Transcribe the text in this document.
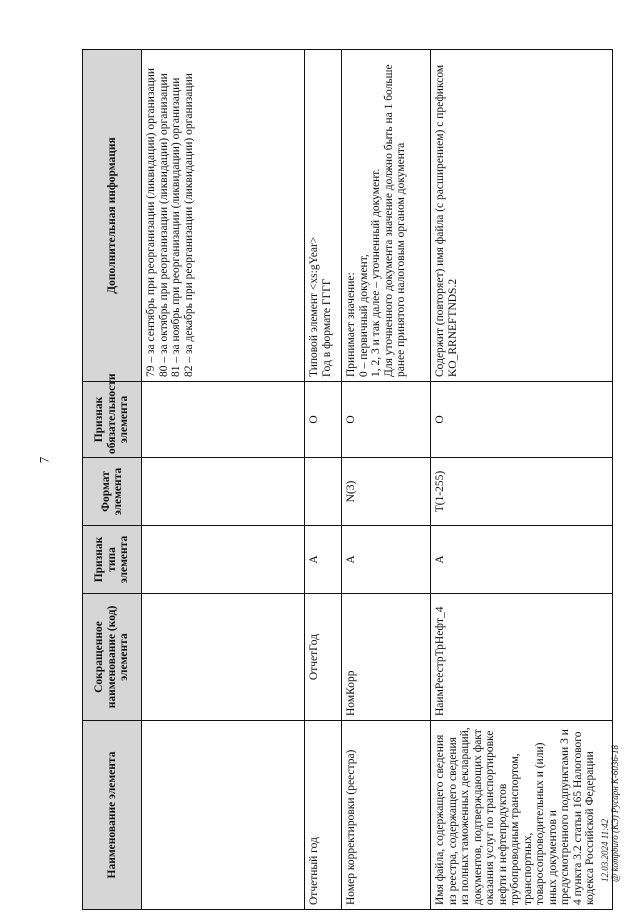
7
12.03.2024 11:42 @ kompburo (КЭ) Русарн К-6036-18
Наименование элемента	Сокращенное наименование (код) элемента	Признак типа элемента	Формат элемента	Признак обязательности элемента	Дополнительная информация

					79 – за сентябрь при реорганизации (ликвидации) организации 80 – за октябрь при реорганизации (ликвидации) организации 81 – за ноябрь при реорганизации (ликвидации) организации 82 – за декабрь при реорганизации (ликвидации) организации

Отчетный год	ОтчетГод	А		О	Типовой элемент <xs:gYear> Год в формате ГГГГ

Номер корректировки (реестра)	НомКорр	А	N(3)	О	Принимает значение: 0 – первичный документ, 1, 2, 3 и так далее – уточненный документ. Для уточненного документа значение должно быть на 1 больше ранее принятого налоговым органом документа

Имя файла, содержащего сведения из реестра, содержащего сведения из полных таможенных деклараций, документов, подтверждающих факт оказания услуг по транспортировке нефти и нефтепродуктов трубопроводным транспортом, транспортных, товаросопроводительных и (или) иных документов и предусмотренного подпунктами 3 и 4 пункта 3.2 статьи 165 Налогового кодекса Российской Федерации	НаимРеестрТрНефт_4	А	T(1-255)	О	Содержит (повторяет) имя файла (с расширением) с префиксом KO_RRNEFTNDS.2
